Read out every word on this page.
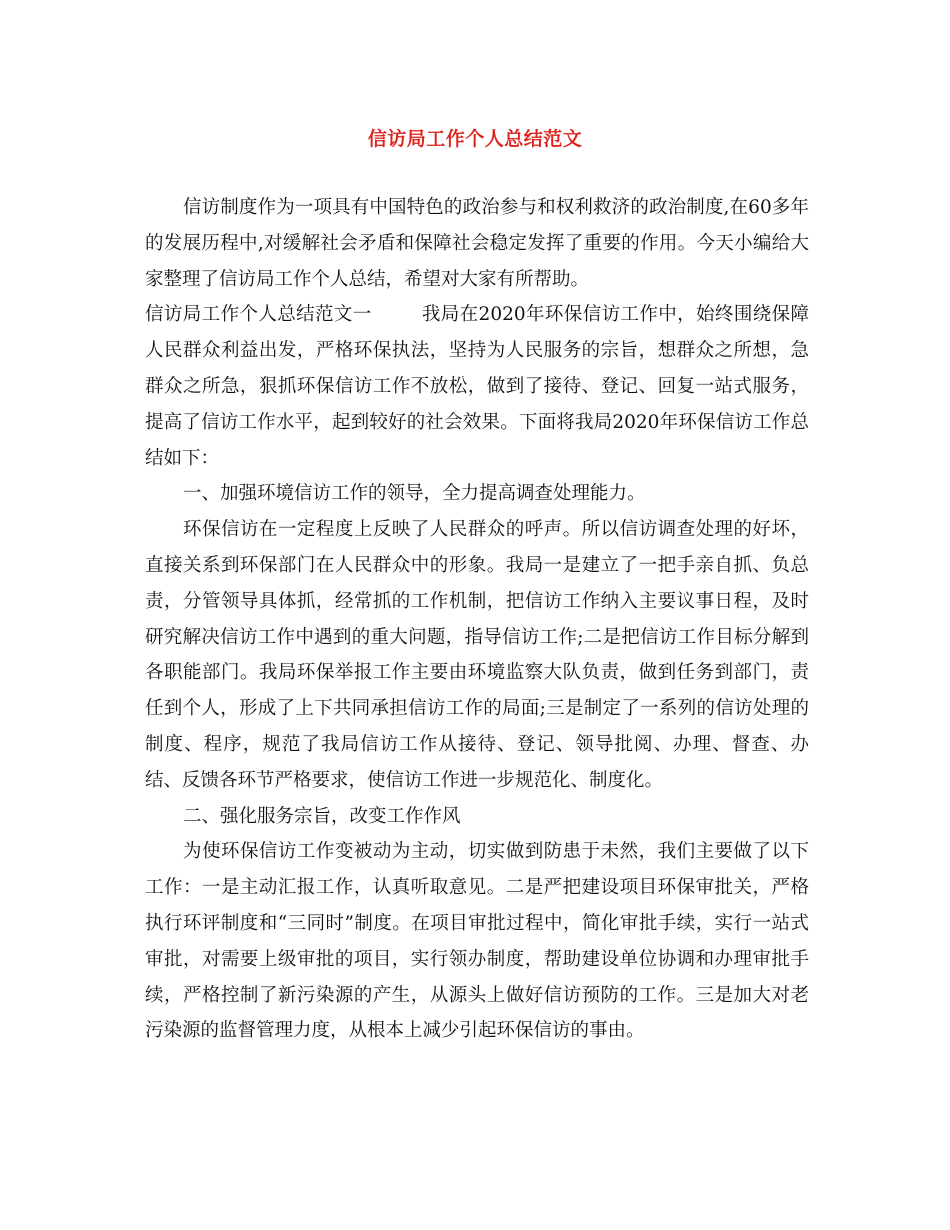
信访局工作个人总结范文

信访制度作为一项具有中国特色的政治参与和权利救济的政治制度,在60多年的发展历程中,对缓解社会矛盾和保障社会稳定发挥了重要的作用。今天小编给大家整理了信访局工作个人总结，希望对大家有所帮助。

信访局工作个人总结范文一	我局在2020年环保信访工作中，始终围绕保障人民群众利益出发，严格环保执法，坚持为人民服务的宗旨，想群众之所想，急群众之所急，狠抓环保信访工作不放松，做到了接待、登记、回复一站式服务，提高了信访工作水平，起到较好的社会效果。下面将我局2020年环保信访工作总结如下：

一、加强环境信访工作的领导，全力提高调查处理能力。

环保信访在一定程度上反映了人民群众的呼声。所以信访调查处理的好坏，直接关系到环保部门在人民群众中的形象。我局一是建立了一把手亲自抓、负总责，分管领导具体抓，经常抓的工作机制，把信访工作纳入主要议事日程，及时研究解决信访工作中遇到的重大问题，指导信访工作;二是把信访工作目标分解到各职能部门。我局环保举报工作主要由环境监察大队负责，做到任务到部门，责任到个人，形成了上下共同承担信访工作的局面;三是制定了一系列的信访处理的制度、程序，规范了我局信访工作从接待、登记、领导批阅、办理、督查、办结、反馈各环节严格要求，使信访工作进一步规范化、制度化。

二、强化服务宗旨，改变工作作风

为使环保信访工作变被动为主动，切实做到防患于未然，我们主要做了以下工作：一是主动汇报工作，认真听取意见。二是严把建设项目环保审批关，严格执行环评制度和“三同时”制度。在项目审批过程中，简化审批手续，实行一站式审批，对需要上级审批的项目，实行领办制度，帮助建设单位协调和办理审批手续，严格控制了新污染源的产生，从源头上做好信访预防的工作。三是加大对老污染源的监督管理力度，从根本上减少引起环保信访的事由。
